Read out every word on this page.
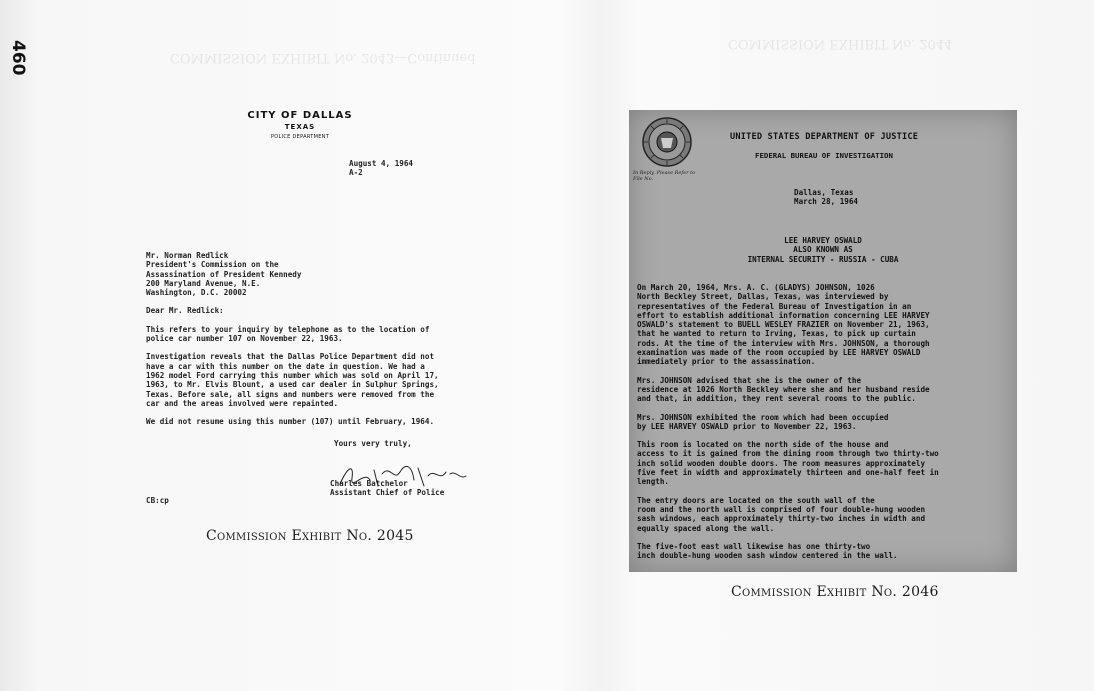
460	COMMISSION EXHIBIT No. 2043—Continued
COMMISSION EXHIBIT No. 2044
CITY OF DALLAS
TEXAS
POLICE DEPARTMENT
August 4, 1964
A-2

Mr. Norman Redlick
President's Commission on the
Assassination of President Kennedy
200 Maryland Avenue, N.E.
Washington, D.C. 20002

Dear Mr. Redlick:

This refers to your inquiry by telephone as to the location of
police car number 107 on November 22, 1963.

Investigation reveals that the Dallas Police Department did not
have a car with this number on the date in question. We had a
1962 model Ford carrying this number which was sold on April 17,
1963, to Mr. Elvis Blount, a used car dealer in Sulphur Springs,
Texas. Before sale, all signs and numbers were removed from the
car and the areas involved were repainted.

We did not resume using this number (107) until February, 1964.

Yours very truly,
Charles Batchelor
Assistant Chief of Police
CB:cp
Commission Exhibit No. 2045
UNITED STATES DEPARTMENT OF JUSTICE
FEDERAL BUREAU OF INVESTIGATION
In Reply, Please Refer to
File No.
Dallas, Texas
March 28, 1964
LEE HARVEY OSWALD
ALSO KNOWN AS
INTERNAL SECURITY - RUSSIA - CUBA

On March 20, 1964, Mrs. A. C. (GLADYS) JOHNSON, 1026
North Beckley Street, Dallas, Texas, was interviewed by
representatives of the Federal Bureau of Investigation in an
effort to establish additional information concerning LEE HARVEY
OSWALD's statement to BUELL WESLEY FRAZIER on November 21, 1963,
that he wanted to return to Irving, Texas, to pick up curtain
rods. At the time of the interview with Mrs. JOHNSON, a thorough
examination was made of the room occupied by LEE HARVEY OSWALD
immediately prior to the assassination.

Mrs. JOHNSON advised that she is the owner of the
residence at 1026 North Beckley where she and her husband reside
and that, in addition, they rent several rooms to the public.

Mrs. JOHNSON exhibited the room which had been occupied
by LEE HARVEY OSWALD prior to November 22, 1963.

This room is located on the north side of the house and
access to it is gained from the dining room through two thirty-two
inch solid wooden double doors. The room measures approximately
five feet in width and approximately thirteen and one-half feet in
length.

The entry doors are located on the south wall of the
room and the north wall is comprised of four double-hung wooden
sash windows, each approximately thirty-two inches in width and
equally spaced along the wall.

The five-foot east wall likewise has one thirty-two
inch double-hung wooden sash window centered in the wall.

Commission Exhibit No. 2046
